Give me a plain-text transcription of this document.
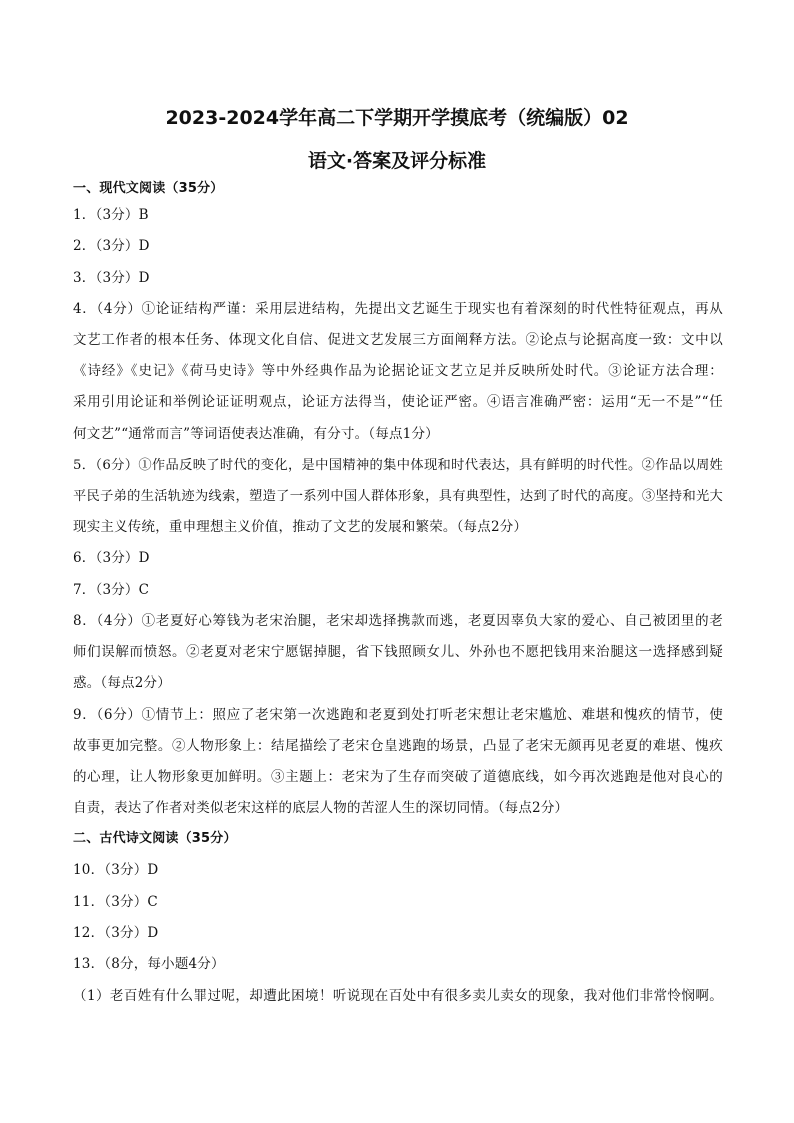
2023-2024学年高二下学期开学摸底考（统编版）02
语文·答案及评分标准
一、现代文阅读（35分）
1．（3分）B
2．（3分）D
3．（3分）D
4．（4分）①论证结构严谨：采用层进结构，先提出文艺诞生于现实也有着深刻的时代性特征观点，再从
文艺工作者的根本任务、体现文化自信、促进文艺发展三方面阐释方法。②论点与论据高度一致：文中以
《诗经》《史记》《荷马史诗》等中外经典作品为论据论证文艺立足并反映所处时代。③论证方法合理：
采用引用论证和举例论证证明观点，论证方法得当，使论证严密。④语言准确严密：运用“无一不是”“任
何文艺”“通常而言”等词语使表达准确，有分寸。（每点1分）
5．（6分）①作品反映了时代的变化，是中国精神的集中体现和时代表达，具有鲜明的时代性。②作品以周姓
平民子弟的生活轨迹为线索，塑造了一系列中国人群体形象，具有典型性，达到了时代的高度。③坚持和光大
现实主义传统，重申理想主义价值，推动了文艺的发展和繁荣。（每点2分）
6．（3分）D
7．（3分）C
8．（4分）①老夏好心筹钱为老宋治腿，老宋却选择携款而逃，老夏因辜负大家的爱心、自己被团里的老
师们误解而愤怒。②老夏对老宋宁愿锯掉腿，省下钱照顾女儿、外孙也不愿把钱用来治腿这一选择感到疑
惑。（每点2分）
9．（6分）①情节上：照应了老宋第一次逃跑和老夏到处打听老宋想让老宋尴尬、难堪和愧疚的情节，使
故事更加完整。②人物形象上：结尾描绘了老宋仓皇逃跑的场景，凸显了老宋无颜再见老夏的难堪、愧疚
的心理，让人物形象更加鲜明。③主题上：老宋为了生存而突破了道德底线，如今再次逃跑是他对良心的
自责，表达了作者对类似老宋这样的底层人物的苦涩人生的深切同情。（每点2分）
二、古代诗文阅读（35分）
10．（3分）D
11．（3分）C
12．（3分）D
13．（8分，每小题4分）
（1）老百姓有什么罪过呢，却遭此困境！听说现在百处中有很多卖儿卖女的现象，我对他们非常怜悯啊。
